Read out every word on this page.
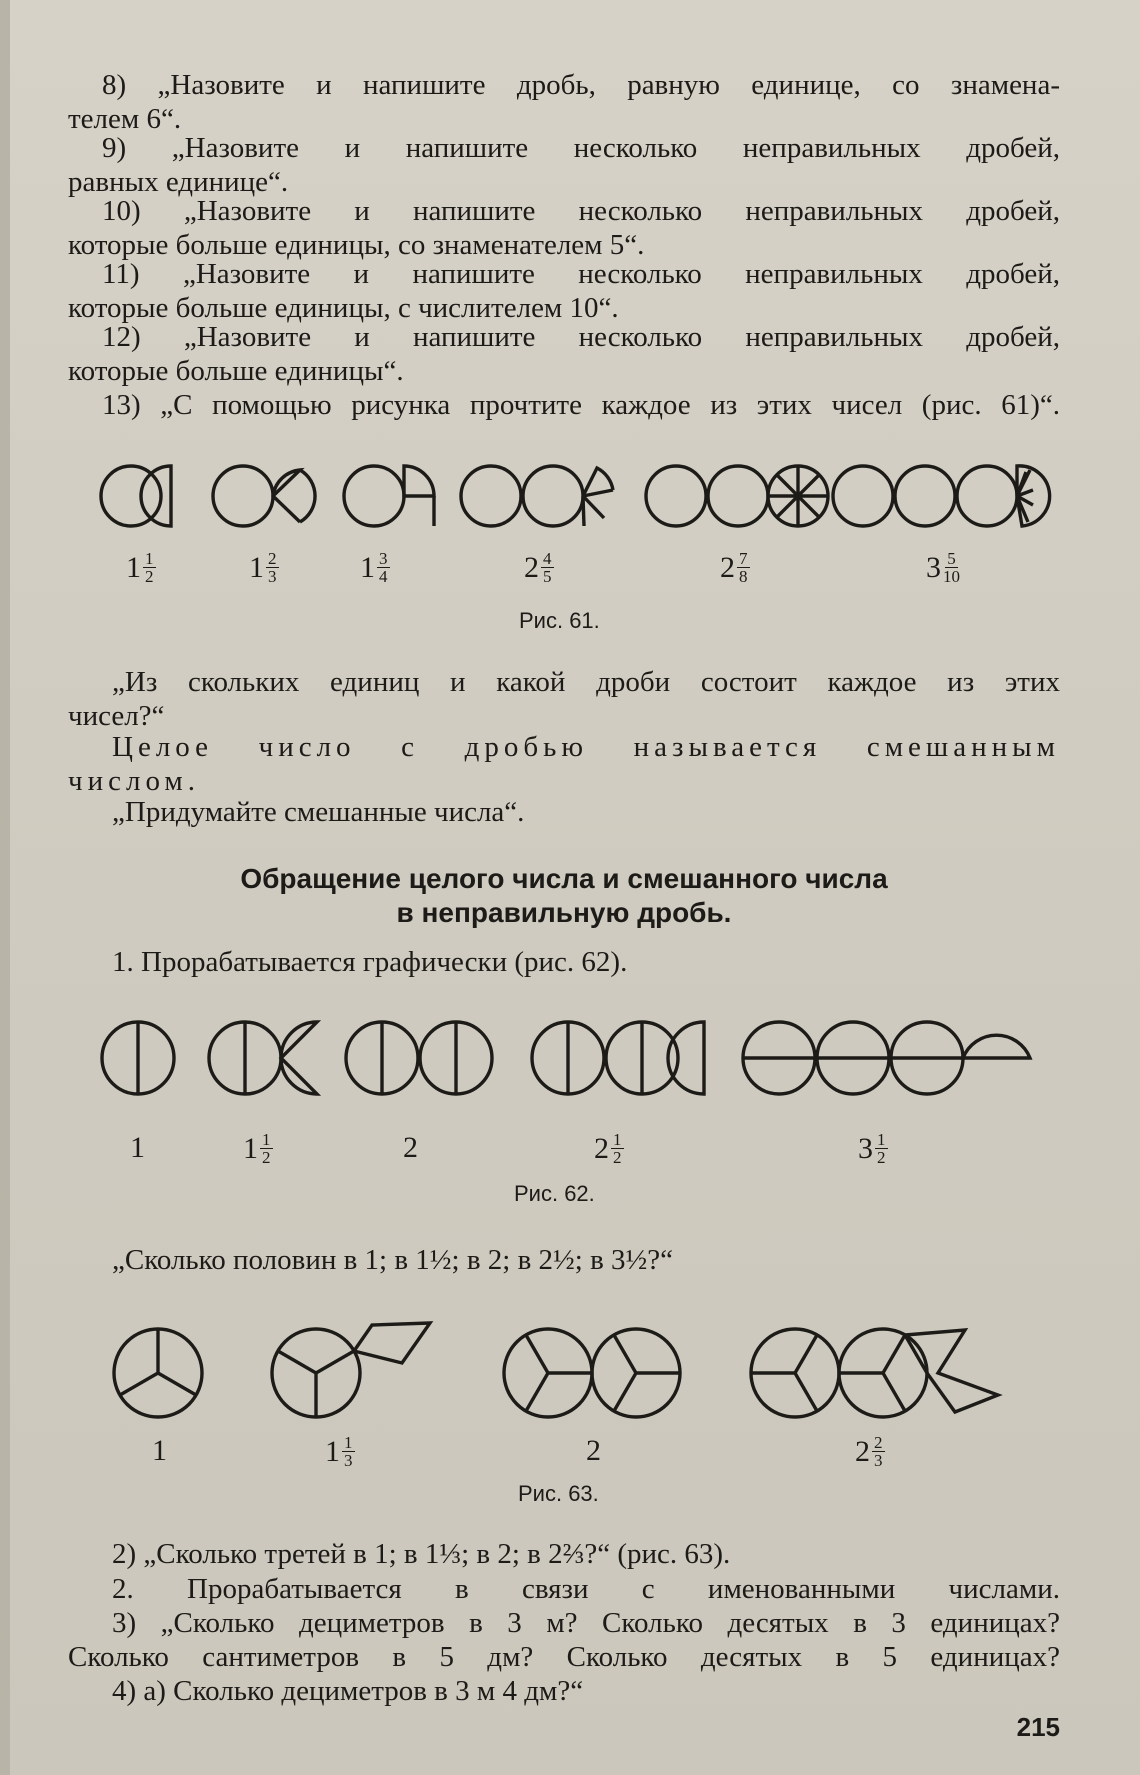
8) „Назовите и напишите дробь, равную единице, со знамена-
телем 6“.
9) „Назовите и напишите несколько неправильных дробей,
равных единице“.
10) „Назовите и напишите несколько неправильных дробей,
которые больше единицы, со знаменателем 5“.
11) „Назовите и напишите несколько неправильных дробей,
которые больше единицы, с числителем 10“.
12) „Назовите и напишите несколько неправильных дробей,
которые больше единицы“.
13) „С помощью рисунка прочтите каждое из этих чисел (рис. 61)“.
$1 \frac{1}{2}$	$1 \frac{2}{3}$	$1 \frac{3}{4}$	$2 \frac{4}{5}$	$2 \frac{7}{8}$	$3 \frac{5}{10}$
Рис. 61.
„Из скольких единиц и какой дроби состоит каждое из этих
чисел?“
Целое число с дробью называется смешанным
числом.
„Придумайте смешанные числа“.
Обращение целого числа и смешанного числа
в неправильную дробь.
1. Прорабатывается графически (рис. 62).
1	$1 \frac{1}{2}$	2	$2 \frac{1}{2}$	$3 \frac{1}{2}$
Рис. 62.
„Сколько половин в 1; в 1½; в 2; в 2½; в 3½?“
1	$1 \frac{1}{3}$	2	$2 \frac{2}{3}$
Рис. 63.
2) „Сколько третей в 1; в 1⅓; в 2; в 2⅔?“ (рис. 63).
2. Прорабатывается в связи с именованными числами.
3) „Сколько дециметров в 3 м? Сколько десятых в 3 единицах?
Сколько сантиметров в 5 дм? Сколько десятых в 5 единицах?
4) а) Сколько дециметров в 3 м 4 дм?“
215
